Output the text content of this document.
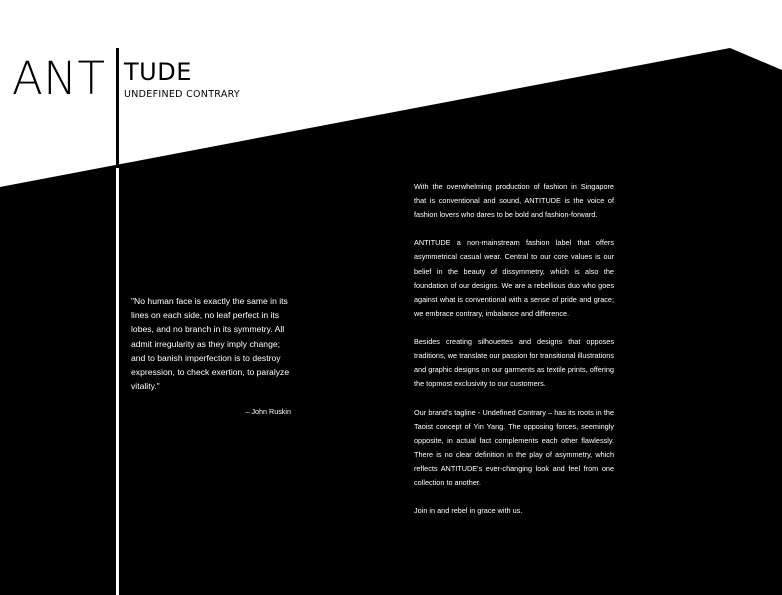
ANT TUDE
UNDEFINED CONTRARY

"No human face is exactly the same in its lines on each side, no leaf perfect in its lobes, and no branch in its symmetry. All admit irregularity as they imply change; and to banish imperfection is to destroy expression, to check exertion, to paralyze vitality."

– John Ruskin

With the overwhelming production of fashion in Singapore that is conventional and sound, ANTITUDE is the voice of fashion lovers who dares to be bold and fashion-forward.

ANTITUDE a non-mainstream fashion label that offers asymmetrical casual wear. Central to our core values is our belief in the beauty of dissymmetry, which is also the foundation of our designs. We are a rebellious duo who goes against what is conventional with a sense of pride and grace; we embrace contrary, imbalance and difference.

Besides creating silhouettes and designs that opposes traditions, we translate our passion for transitional illustrations and graphic designs on our garments as textile prints, offering the topmost exclusivity to our customers.

Our brand's tagline - Undefined Contrary – has its roots in the Taoist concept of Yin Yang. The opposing forces, seemingly opposite, in actual fact complements each other flawlessly. There is no clear definition in the play of asymmetry, which reflects ANTITUDE's ever-changing look and feel from one collection to another.

Join in and rebel in grace with us.
